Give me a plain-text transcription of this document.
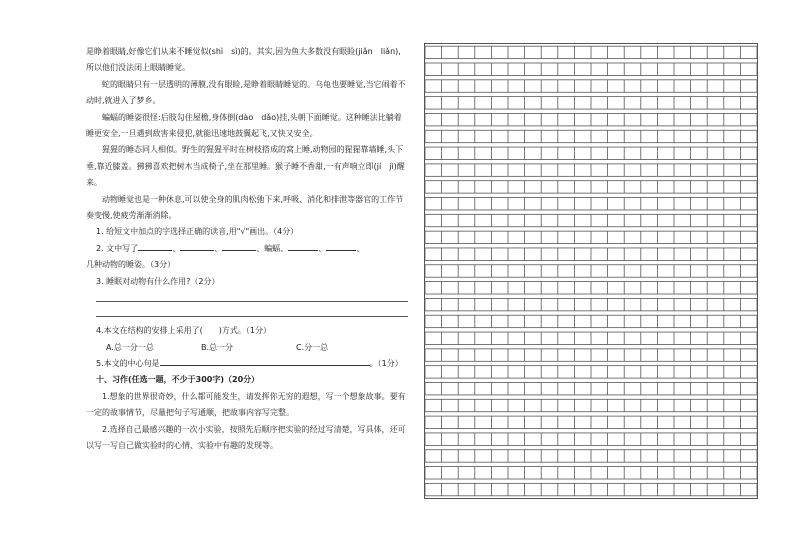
是睁着眼睛,好像它们从来不睡觉似(shì　sì)的。其实,因为鱼大多数没有眼睑(jiǎn　liǎn),所以他们没法闭上眼睛睡觉。

蛇的眼睛只有一层透明的薄膜,没有眼睑,是睁着眼睛睡觉的。乌龟也要睡觉,当它闹着不动时,就进入了梦乡。

蝙蝠的睡姿很怪:后肢勾住屋檐,身体倒(dào　dǎo)挂,头朝下面睡觉。这种睡法比躺着睡更安全,一旦遇到敌害来侵犯,就能迅速地鼓翼起飞,又快又安全。

猩猩的睡态同人相似。野生的猩猩平时在树枝搭成的窝上睡,动物园的猩猩靠墙睡,头下垂,靠近膝盖。狒狒喜欢把树木当成椅子,坐在那里睡。猴子睡不香甜,一有声响立即(jí　jì)醒来。

动物睡觉也是一种休息,可以使全身的肌肉松弛下来,呼吸、消化和排泄等器官的工作节奏变慢,使疲劳渐渐消除。

1. 给短文中加点的字选择正确的读音,用"√"画出。（4分）

2. 文中写了	、	、	、蝙蝠、	、	、

几种动物的睡姿。（3分）

3. 睡眠对动物有什么作用?（2分）

4.本文在结构的安排上采用了(　　)方式。（1分）

A.总一分一总	B.总一分	C.分一总

5.本文的中心句是	。（1分）

十、习作(任选一题，不少于300字)（20分）

1.想象的世界很奇妙，什么都可能发生，请发挥你无穷的遐想，写一个想象故事。要有一定的故事情节，尽量把句子写通顺，把故事内容写完整。

2.选择自己最感兴趣的一次小实验，按照先后顺序把实验的经过写清楚，写具体，还可以写一写自己做实验时的心情、实验中有趣的发现等。
